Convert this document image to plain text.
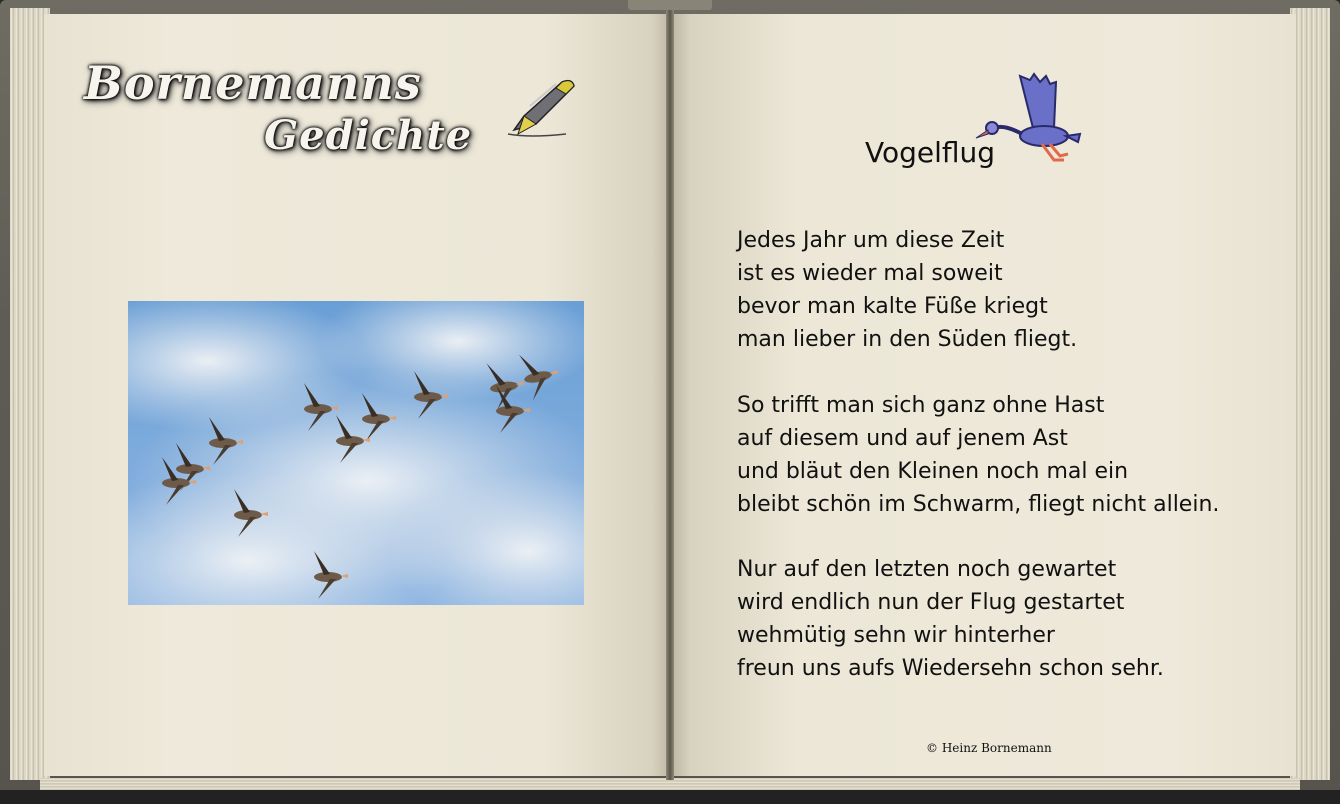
Bornemanns
Gedichte	Vogelflug
Jedes Jahr um diese Zeit
ist es wieder mal soweit
bevor man kalte Füße kriegt
man lieber in den Süden fliegt.
So trifft man sich ganz ohne Hast
auf diesem und auf jenem Ast
und bläut den Kleinen noch mal ein
bleibt schön im Schwarm, fliegt nicht allein.
Nur auf den letzten noch gewartet
wird endlich nun der Flug gestartet
wehmütig sehn wir hinterher
freun uns aufs Wiedersehn schon sehr.
© Heinz Bornemann
